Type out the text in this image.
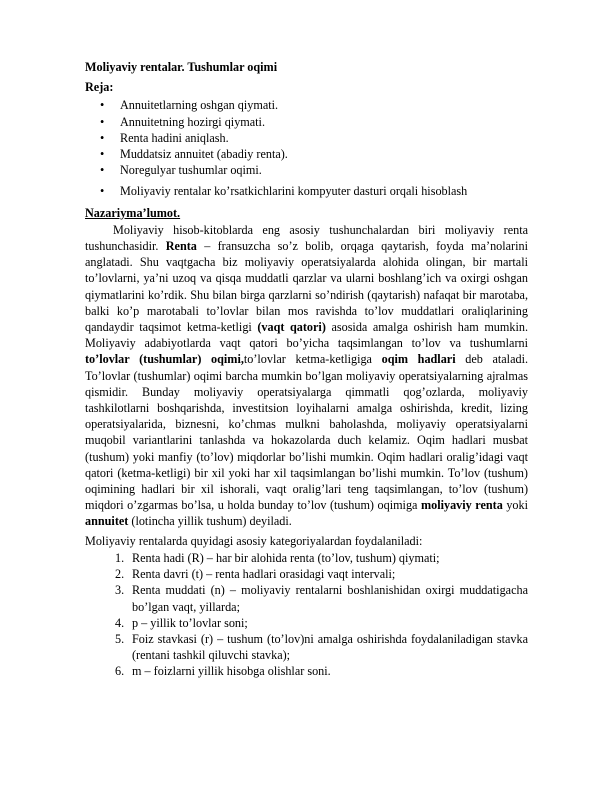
Moliyaviy rentalar. Tushumlar oqimi
Reja:
• Annuitetlarning oshgan qiymati.
• Annuitetning hozirgi qiymati.
• Renta hadini aniqlash.
• Muddatsiz annuitet (abadiy renta).
• Noregulyar tushumlar oqimi.
• Moliyaviy rentalar ko’rsatkichlarini kompyuter dasturi orqali hisoblash
Nazariyma’lumot.

Moliyaviy hisob-kitoblarda eng asosiy tushunchalardan biri moliyaviy renta tushunchasidir. Renta – fransuzcha so’z bolib, orqaga qaytarish, foyda ma’nolarini anglatadi. Shu vaqtgacha biz moliyaviy operatsiyalarda alohida olingan, bir martali to’lovlarni, ya’ni uzoq va qisqa muddatli qarzlar va ularni boshlang’ich va oxirgi oshgan qiymatlarini ko’rdik. Shu bilan birga qarzlarni so’ndirish (qaytarish) nafaqat bir marotaba, balki ko’p marotabali to’lovlar bilan mos ravishda to’lov muddatlari oraliqlarining qandaydir taqsimot ketma-ketligi (vaqt qatori) asosida amalga oshirish ham mumkin. Moliyaviy adabiyotlarda vaqt qatori bo’yicha taqsimlangan to’lov va tushumlarni to’lovlar (tushumlar) oqimi,to’lovlar ketma-ketligiga oqim hadlari deb ataladi. To’lovlar (tushumlar) oqimi barcha mumkin bo’lgan moliyaviy operatsiyalarning ajralmas qismidir. Bunday moliyaviy operatsiyalarga qimmatli qog’ozlarda, moliyaviy tashkilotlarni boshqarishda, investitsion loyihalarni amalga oshirishda, kredit, lizing operatsiyalarida, biznesni, ko’chmas mulkni baholashda, moliyaviy operatsiyalarni muqobil variantlarini tanlashda va hokazolarda duch kelamiz. Oqim hadlari musbat (tushum) yoki manfiy (to’lov) miqdorlar bo’lishi mumkin. Oqim hadlari oralig’idagi vaqt qatori (ketma-ketligi) bir xil yoki har xil taqsimlangan bo’lishi mumkin. To’lov (tushum) oqimining hadlari bir xil ishorali, vaqt oralig’lari teng taqsimlangan, to’lov (tushum) miqdori o’zgarmas bo’lsa, u holda bunday to’lov (tushum) oqimiga moliyaviy renta yoki annuitet (lotincha yillik tushum) deyiladi.

Moliyaviy rentalarda quyidagi asosiy kategoriyalardan foydalaniladi:
1. Renta hadi (R) – har bir alohida renta (to’lov, tushum) qiymati;
2. Renta davri (t) – renta hadlari orasidagi vaqt intervali;
3. Renta muddati (n) – moliyaviy rentalarni boshlanishidan oxirgi muddatigacha bo’lgan vaqt, yillarda;
4. p – yillik to’lovlar soni;
5. Foiz stavkasi (r) – tushum (to’lov)ni amalga oshirishda foydalaniladigan stavka (rentani tashkil qiluvchi stavka);
6. m – foizlarni yillik hisobga olishlar soni.
